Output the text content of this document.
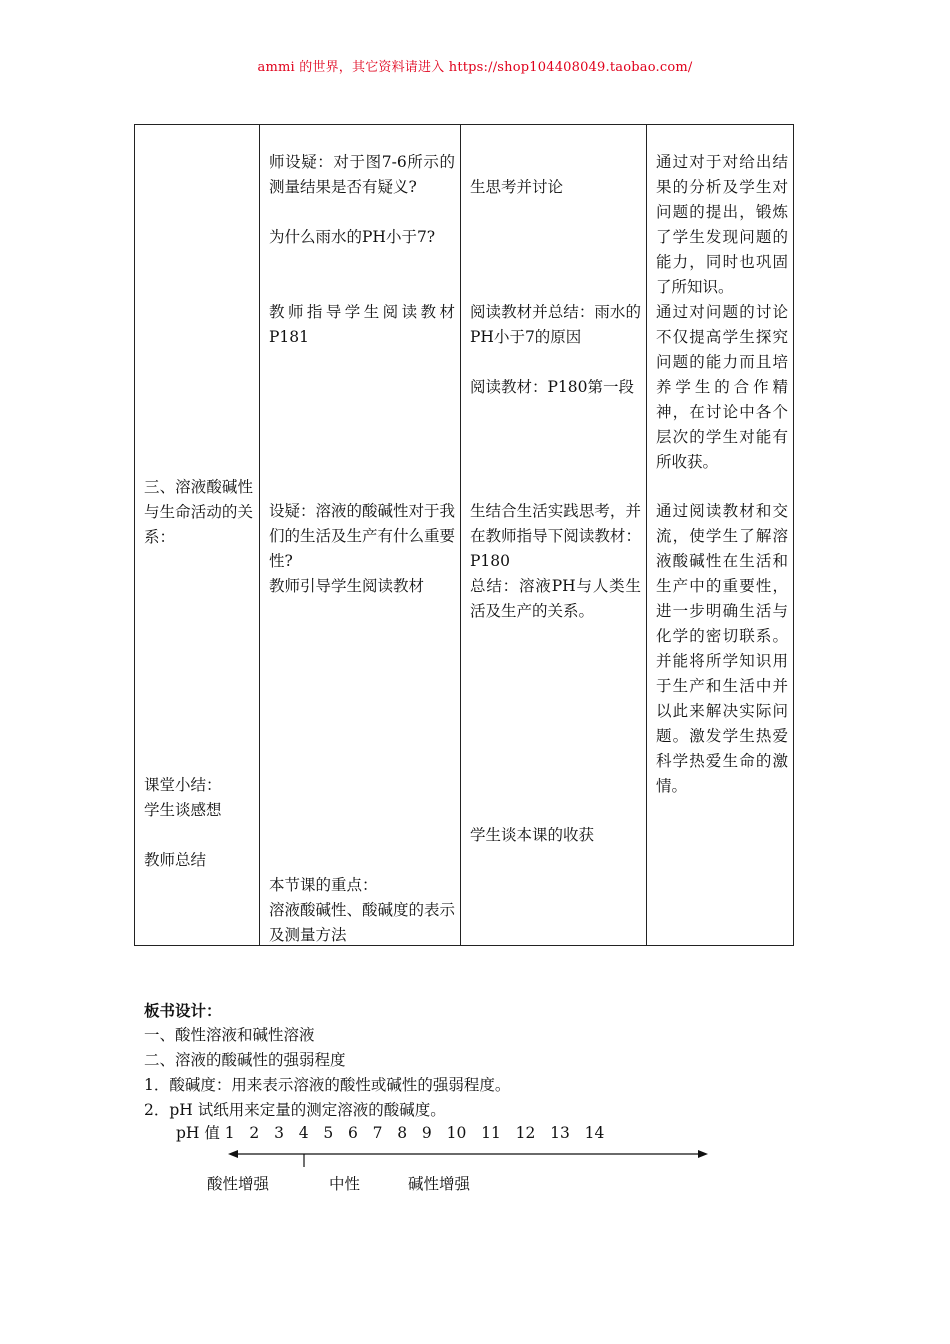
ammi 的世界，其它资料请进入 https://shop104408049.taobao.com/
三、溶液酸碱性与生命活动的关系：
课堂小结：
学生谈感想
教师总结
师设疑：对于图7-6所示的测量结果是否有疑义?
为什么雨水的PH小于7?
教师指导学生阅读教材P181
设疑：溶液的酸碱性对于我们的生活及生产有什么重要性?
教师引导学生阅读教材
本节课的重点：
溶液酸碱性、酸碱度的表示及测量方法
生思考并讨论
阅读教材并总结：雨水的PH小于7的原因
阅读教材：P180第一段
生结合生活实践思考，并在教师指导下阅读教材：P180
总结：溶液PH与人类生活及生产的关系。
学生谈本课的收获
通过对于对给出结果的分析及学生对问题的提出，锻炼了学生发现问题的能力，同时也巩固了所知识。
通过对问题的讨论不仅提高学生探究问题的能力而且培养学生的合作精神，在讨论中各个层次的学生对能有所收获。
通过阅读教材和交流，使学生了解溶液酸碱性在生活和生产中的重要性，进一步明确生活与化学的密切联系。并能将所学知识用于生产和生活中并以此来解决实际问题。激发学生热爱科学热爱生命的激情。
板书设计：
一、酸性溶液和碱性溶液
二、溶液的酸碱性的强弱程度
1．酸碱度：用来表示溶液的酸性或碱性的强弱程度。
2．pH 试纸用来定量的测定溶液的酸碱度。
pH 值 1   2   3   4   5   6   7   8   9   10   11   12   13   14
酸性增强	中性	碱性增强
